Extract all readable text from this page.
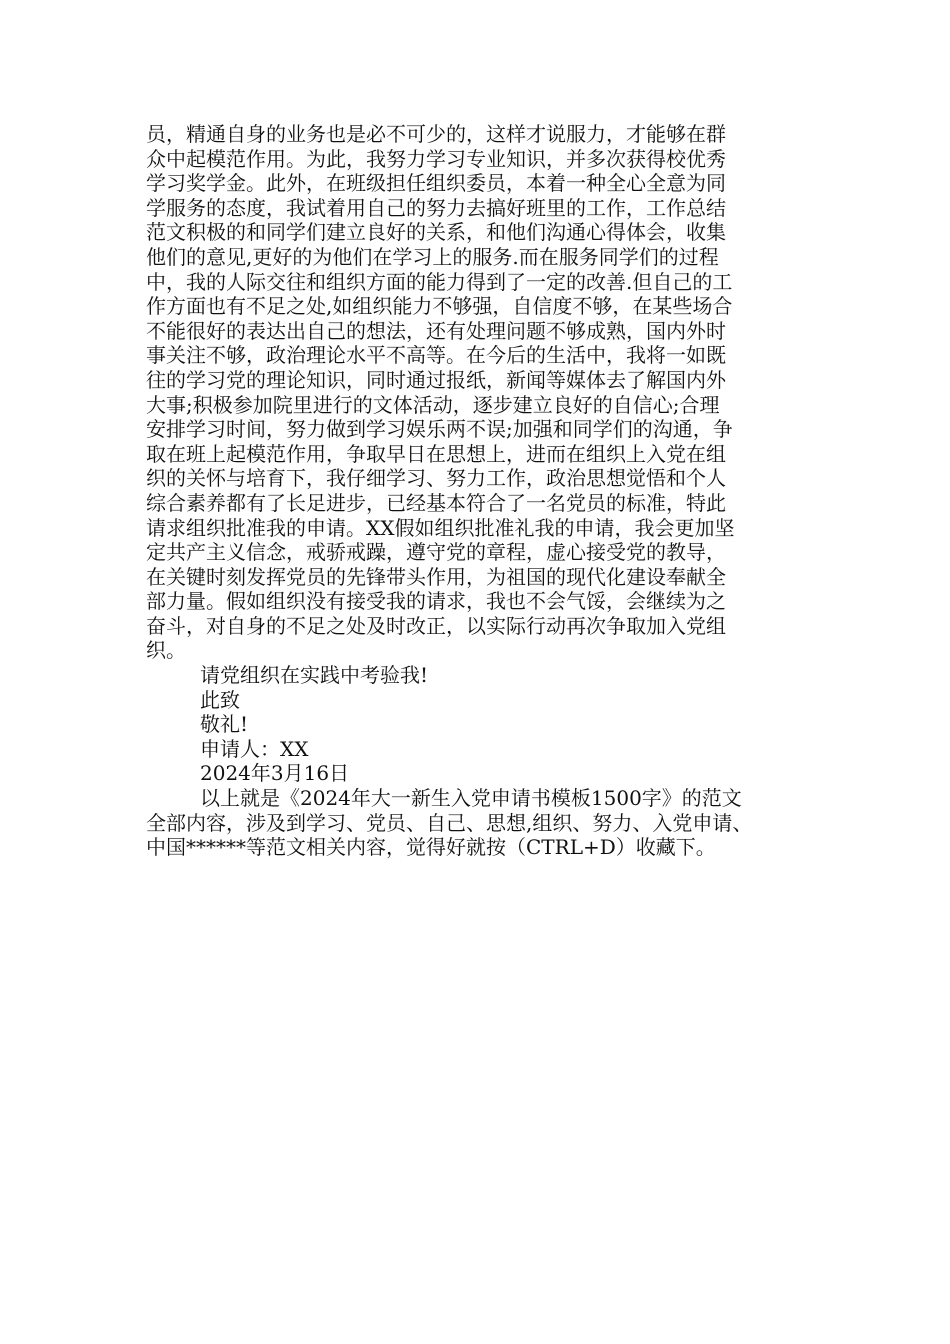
员，精通自身的业务也是必不可少的，这样才说服力，才能够在群
众中起模范作用。为此，我努力学习专业知识，并多次获得校优秀
学习奖学金。此外，在班级担任组织委员，本着一种全心全意为同
学服务的态度，我试着用自己的努力去搞好班里的工作，工作总结
范文积极的和同学们建立良好的关系，和他们沟通心得体会，收集
他们的意见,更好的为他们在学习上的服务.而在服务同学们的过程
中，我的人际交往和组织方面的能力得到了一定的改善.但自己的工
作方面也有不足之处,如组织能力不够强，自信度不够，在某些场合
不能很好的表达出自己的想法，还有处理问题不够成熟，国内外时
事关注不够，政治理论水平不高等。在今后的生活中，我将一如既
往的学习党的理论知识，同时通过报纸，新闻等媒体去了解国内外
大事;积极参加院里进行的文体活动，逐步建立良好的自信心;合理
安排学习时间，努力做到学习娱乐两不误;加强和同学们的沟通，争
取在班上起模范作用，争取早日在思想上，进而在组织上入党在组
织的关怀与培育下，我仔细学习、努力工作，政治思想觉悟和个人
综合素养都有了长足进步，已经基本符合了一名党员的标准，特此
请求组织批准我的申请。XX假如组织批准礼我的申请，我会更加坚
定共产主义信念，戒骄戒躁，遵守党的章程，虚心接受党的教导，
在关键时刻发挥党员的先锋带头作用，为祖国的现代化建设奉献全
部力量。假如组织没有接受我的请求，我也不会气馁，会继续为之
奋斗，对自身的不足之处及时改正，以实际行动再次争取加入党组
织。
请党组织在实践中考验我!
此致
敬礼!
申请人：XX
2024年3月16日
以上就是《2024年大一新生入党申请书模板1500字》的范文
全部内容，涉及到学习、党员、自己、思想,组织、努力、入党申请、
中国******等范文相关内容，觉得好就按（CTRL+D）收藏下。
